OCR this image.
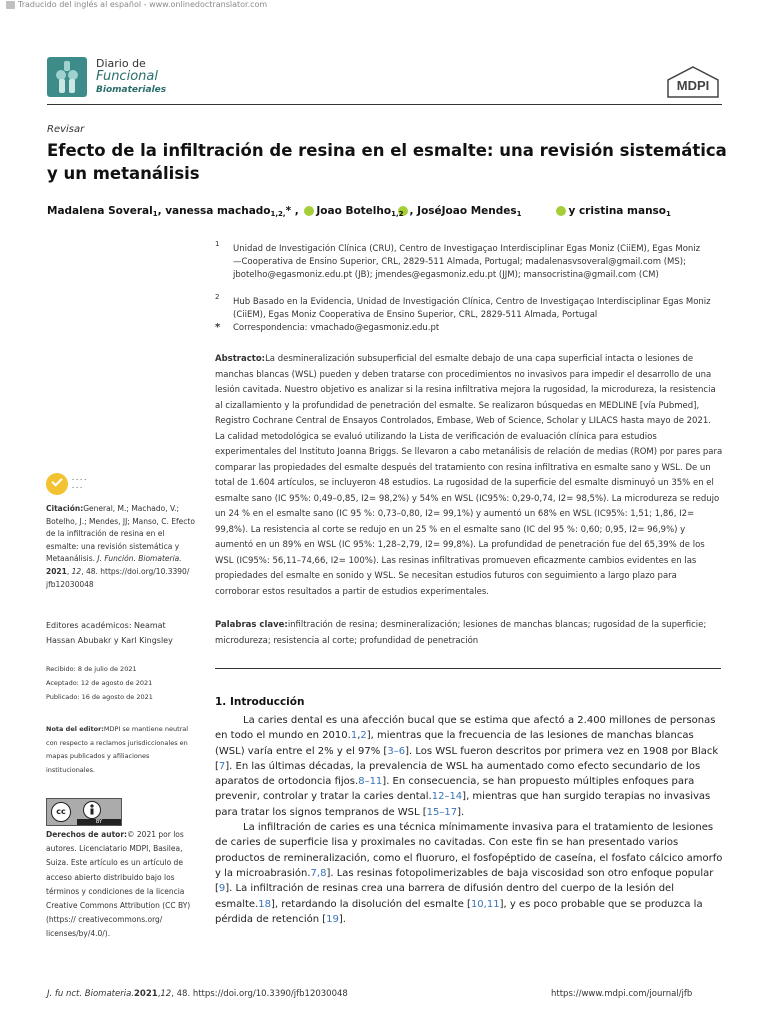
Traducido del inglés al español - www.onlinedoctranslator.com
Diario de
Funcional
Biomateriales	MDPI
Revisar
Efecto de la infiltración de resina en el esmalte: una revisión sistemática y un metanálisis
Madalena Soveral$_1$, vanessa machado$_{1,2,}$* , Joao Botelho$_{1,2}$ , JoséJoao Mendes$_1$	y cristina manso$_1$
1 Unidad de Investigación Clínica (CRU), Centro de Investigaçao Interdisciplinar Egas Moniz (CiiEM), Egas Moniz—Cooperativa de Ensino Superior, CRL, 2829-511 Almada, Portugal; madalenasvsoveral@gmail.com (MS); jbotelho@egasmoniz.edu.pt (JB); jmendes@egasmoniz.edu.pt (JJM); mansocristina@gmail.com (CM)
2 Hub Basado en la Evidencia, Unidad de Investigación Clínica, Centro de Investigaçao Interdisciplinar Egas Moniz (CiiEM), Egas Moniz Cooperativa de Ensino Superior, CRL, 2829-511 Almada, Portugal
* Correspondencia: vmachado@egasmoniz.edu.pt
Abstracto:La desmineralización subsuperficial del esmalte debajo de una capa superficial intacta o lesiones de manchas blancas (WSL) pueden y deben tratarse con procedimientos no invasivos para impedir el desarrollo de una lesión cavitada. Nuestro objetivo es analizar si la resina infiltrativa mejora la rugosidad, la microdureza, la resistencia al cizallamiento y la profundidad de penetración del esmalte. Se realizaron búsquedas en MEDLINE [vía Pubmed], Registro Cochrane Central de Ensayos Controlados, Embase, Web of Science, Scholar y LILACS hasta mayo de 2021. La calidad metodológica se evaluó utilizando la Lista de verificación de evaluación clínica para estudios experimentales del Instituto Joanna Briggs. Se llevaron a cabo metanálisis de relación de medias (ROM) por pares para comparar las propiedades del esmalte después del tratamiento con resina infiltrativa en esmalte sano y WSL. De un total de 1.604 artículos, se incluyeron 48 estudios. La rugosidad de la superficie del esmalte disminuyó un 35% en el esmalte sano (IC 95%: 0,49–0,85, I2= 98,2%) y 54% en WSL (IC95%: 0,29-0,74, I2= 98,5%). La microdureza se redujo un 24 % en el esmalte sano (IC 95 %: 0,73–0,80, I2= 99,1%) y aumentó un 68% en WSL (IC95%: 1,51; 1,86, I2= 99,8%). La resistencia al corte se redujo en un 25 % en el esmalte sano (IC del 95 %: 0,60; 0,95, I2= 96,9%) y aumentó en un 89% en WSL (IC 95%: 1,28–2,79, I2= 99,8%). La profundidad de penetración fue del 65,39% de los WSL (IC95%: 56,11–74,66, I2= 100%). Las resinas infiltrativas promueven eficazmente cambios evidentes en las propiedades del esmalte en sonido y WSL. Se necesitan estudios futuros con seguimiento a largo plazo para corroborar estos resultados a partir de estudios experimentales.
Palabras clave:infiltración de resina; desmineralización; lesiones de manchas blancas; rugosidad de la superficie; microdureza; resistencia al corte; profundidad de penetración
1. Introducción

La caries dental es una afección bucal que se estima que afectó a 2.400 millones de personas en todo el mundo en 2010.1,2], mientras que la frecuencia de las lesiones de manchas blancas (WSL) varía entre el 2% y el 97% [3–6]. Los WSL fueron descritos por primera vez en 1908 por Black [7]. En las últimas décadas, la prevalencia de WSL ha aumentado como efecto secundario de los aparatos de ortodoncia fijos.8–11]. En consecuencia, se han propuesto múltiples enfoques para prevenir, controlar y tratar la caries dental.12–14], mientras que han surgido terapias no invasivas para tratar los signos tempranos de WSL [15–17].

La infiltración de caries es una técnica mínimamente invasiva para el tratamiento de lesiones de caries de superficie lisa y proximales no cavitadas. Con este fin se han presentado varios productos de remineralización, como el fluoruro, el fosfopéptido de caseína, el fosfato cálcico amorfo y la microabrasión.7,8]. Las resinas fotopolimerizables de baja viscosidad son otro enfoque popular [9]. La infiltración de resinas crea una barrera de difusión dentro del cuerpo de la lesión del esmalte.18], retardando la disolución del esmalte [10,11], y es poco probable que se produzca la pérdida de retención [19].

- - - -
- - -
Citación:General, M.; Machado, V.; Botelho, J.; Mendes, JJ; Manso, C. Efecto de la infiltración de resina en el esmalte: una revisión sistemática y Metaanálisis. J. Función. Biomateria. 2021, 12, 48. https://doi.org/10.3390/ jfb12030048
Editores académicos: Neamat Hassan Abubakr y Karl Kingsley
Recibido: 8 de julio de 2021
Aceptado: 12 de agosto de 2021
Publicado: 16 de agosto de 2021
Nota del editor:MDPI se mantiene neutral con respecto a reclamos jurisdiccionales en mapas publicados y afiliaciones institucionales.
cc
BY
Derechos de autor:© 2021 por los autores. Licenciatario MDPI, Basilea, Suiza. Este artículo es un artículo de acceso abierto distribuido bajo los términos y condiciones de la licencia Creative Commons Attribution (CC BY) (https:// creativecommons.org/ licenses/by/4.0/).
J. fu nct. Biomateria.2021,12, 48. https://doi.org/10.3390/jfb12030048	https://www.mdpi.com/journal/jfb
